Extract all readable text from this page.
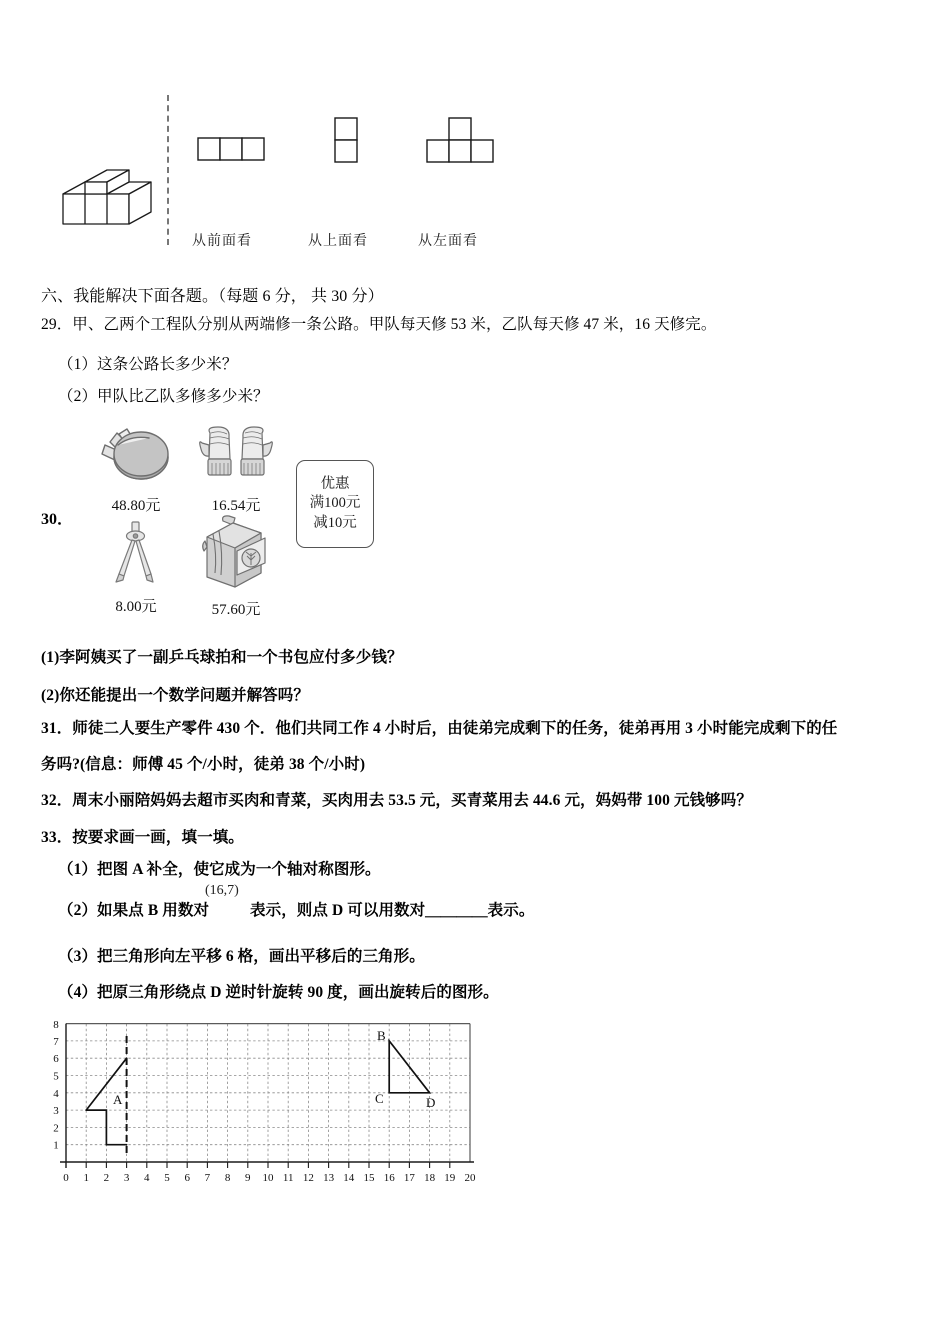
从前面看	从上面看	从左面看
六、我能解决下面各题。（每题 6 分， 共 30 分）
29．甲、乙两个工程队分别从两端修一条公路。甲队每天修 53 米，乙队每天修 47 米，16 天修完。
（1）这条公路长多少米？
（2）甲队比乙队多修多少米？
30．
48.80元	16.54元
8.00元	57.60元
优惠
满100元
减10元
(1)李阿姨买了一副乒乓球拍和一个书包应付多少钱？
(2)你还能提出一个数学问题并解答吗？
31．师徒二人要生产零件 430 个．他们共同工作 4 小时后，由徒弟完成剩下的任务，徒弟再用 3 小时能完成剩下的任
务吗?(信息：师傅 45 个/小时，徒弟 38 个/小时)
32．周末小丽陪妈妈去超市买肉和青菜，买肉用去 53.5 元，买青菜用去 44.6 元，妈妈带 100 元钱够吗？
33．按要求画一画，填一填。
（1）把图 A 补全，使它成为一个轴对称图形。
（2）如果点 B 用数对
(16,7)
表示，则点 D 可以用数对＿＿＿＿表示。
（3）把三角形向左平移 6 格，画出平移后的三角形。
（4）把原三角形绕点 D 逆时针旋转 90 度，画出旋转后的图形。
8
7
6
5
4
3
2
1
0 1 2 3 4 5 6 7 8 9 10 11 12 13 14 15 16 17 18 19 20
A
B
C	D
